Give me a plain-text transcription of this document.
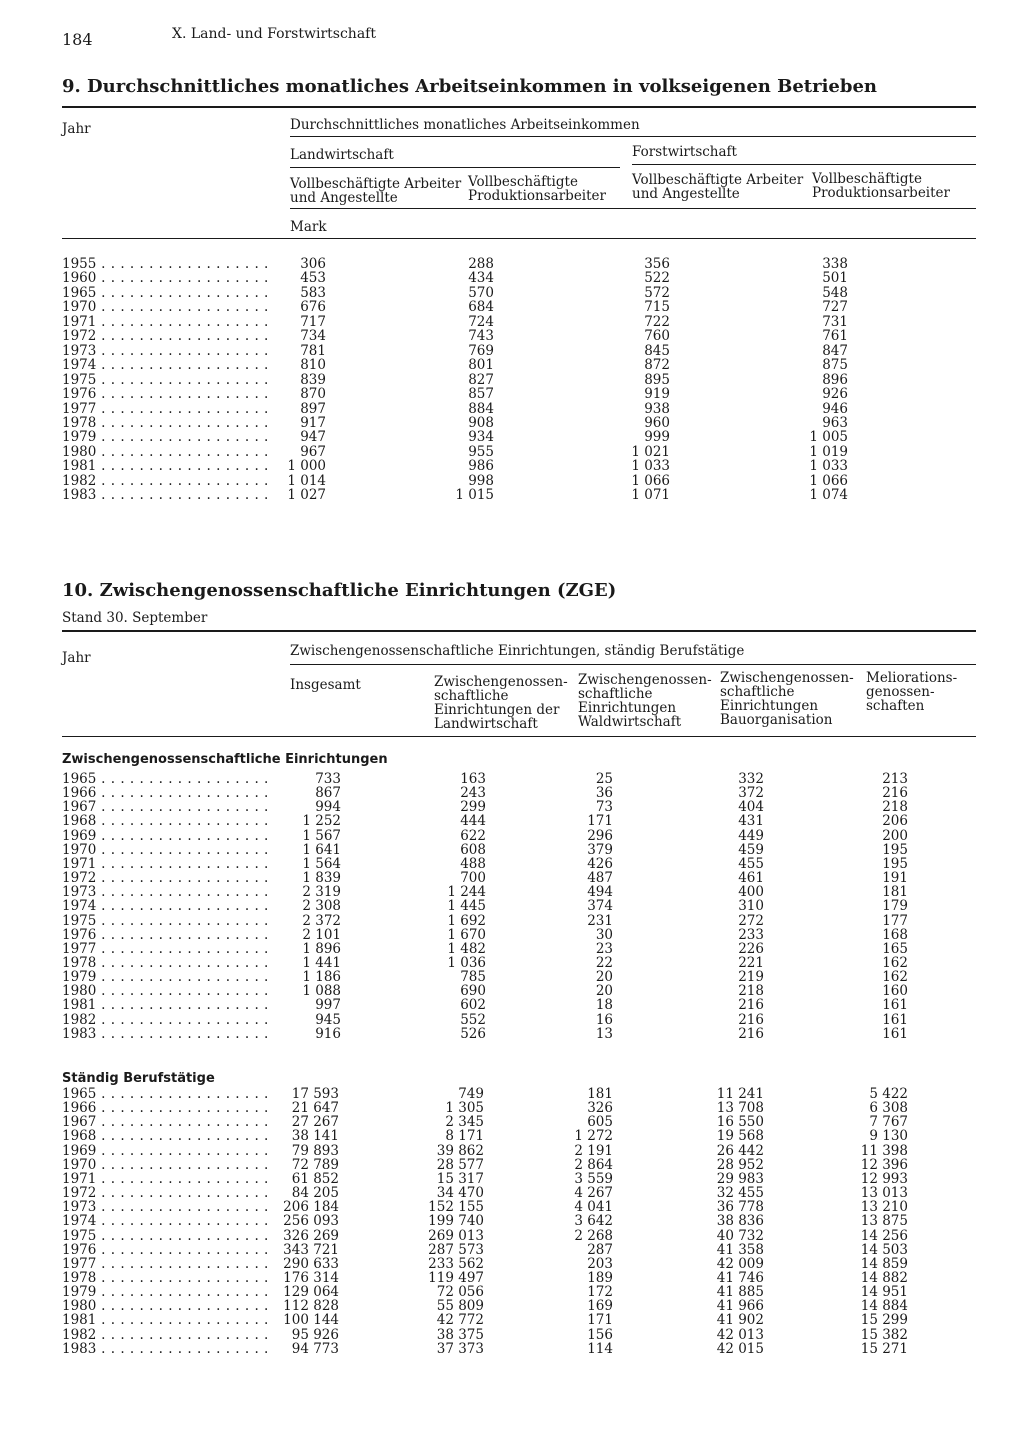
184	X. Land- und Forstwirtschaft
9. Durchschnittliches monatliches Arbeitseinkommen in volkseigenen Betrieben
Jahr	Durchschnittliches monatliches Arbeitseinkommen
Landwirtschaft	Forstwirtschaft
Vollbeschäftigte Arbeiter
und Angestellte
Vollbeschäftigte
Produktionsarbeiter
Vollbeschäftigte Arbeiter
und Angestellte
Vollbeschäftigte
Produktionsarbeiter
Mark
1955 . . .	306	288	356	338
1960 . . .	453	434	522	501
1965 . . .	583	570	572	548
1970 . . .	676	684	715	727
1971 . . .	717	724	722	731
1972 . . .	734	743	760	761
1973 . . .	781	769	845	847
1974 . . .	810	801	872	875
1975 . . .	839	827	895	896
1976 . . .	870	857	919	926
1977 . . .	897	884	938	946
1978 . . .	917	908	960	963
1979 . . .	947	934	999	1 005
1980 . . .	967	955	1 021	1 019
1981 . . .	1 000	986	1 033	1 033
1982 . . .	1 014	998	1 066	1 066
1983 . . .	1 027	1 015	1 071	1 074
10. Zwischengenossenschaftliche Einrichtungen (ZGE)
Stand 30. September
Jahr	Zwischengenossenschaftliche Einrichtungen, ständig Berufstätige
Insgesamt	Zwischengenossen-
schaftliche
Einrichtungen der
Landwirtschaft
Zwischengenossen-
schaftliche
Einrichtungen
Waldwirtschaft
Zwischengenossen-
schaftliche
Einrichtungen
Bauorganisation
Meliorations-
genossen-
schaften
Zwischengenossenschaftliche Einrichtungen
1965 . . .	733	163	25	332	213
1966 . . .	867	243	36	372	216
1967 . . .	994	299	73	404	218
1968 . . .	1 252	444	171	431	206
1969 . . .	1 567	622	296	449	200
1970 . . .	1 641	608	379	459	195
1971 . . .	1 564	488	426	455	195
1972 . . .	1 839	700	487	461	191
1973 . . .	2 319	1 244	494	400	181
1974 . . .	2 308	1 445	374	310	179
1975 . . .	2 372	1 692	231	272	177
1976 . . .	2 101	1 670	30	233	168
1977 . . .	1 896	1 482	23	226	165
1978 . . .	1 441	1 036	22	221	162
1979 . . .	1 186	785	20	219	162
1980 . . .	1 088	690	20	218	160
1981 . . .	997	602	18	216	161
1982 . . .	945	552	16	216	161
1983 . . .	916	526	13	216	161
Ständig Berufstätige
1965 . . .	17 593	749	181	11 241	5 422
1966 . . .	21 647	1 305	326	13 708	6 308
1967 . . .	27 267	2 345	605	16 550	7 767
1968 . . .	38 141	8 171	1 272	19 568	9 130
1969 . . .	79 893	39 862	2 191	26 442	11 398
1970 . . .	72 789	28 577	2 864	28 952	12 396
1971 . . .	61 852	15 317	3 559	29 983	12 993
1972 . . .	84 205	34 470	4 267	32 455	13 013
1973 . . .	206 184	152 155	4 041	36 778	13 210
1974 . . .	256 093	199 740	3 642	38 836	13 875
1975 . . .	326 269	269 013	2 268	40 732	14 256
1976 . . .	343 721	287 573	287	41 358	14 503
1977 . . .	290 633	233 562	203	42 009	14 859
1978 . . .	176 314	119 497	189	41 746	14 882
1979 . . .	129 064	72 056	172	41 885	14 951
1980 . . .	112 828	55 809	169	41 966	14 884
1981 . . .	100 144	42 772	171	41 902	15 299
1982 . . .	95 926	38 375	156	42 013	15 382
1983 . . .	94 773	37 373	114	42 015	15 271
